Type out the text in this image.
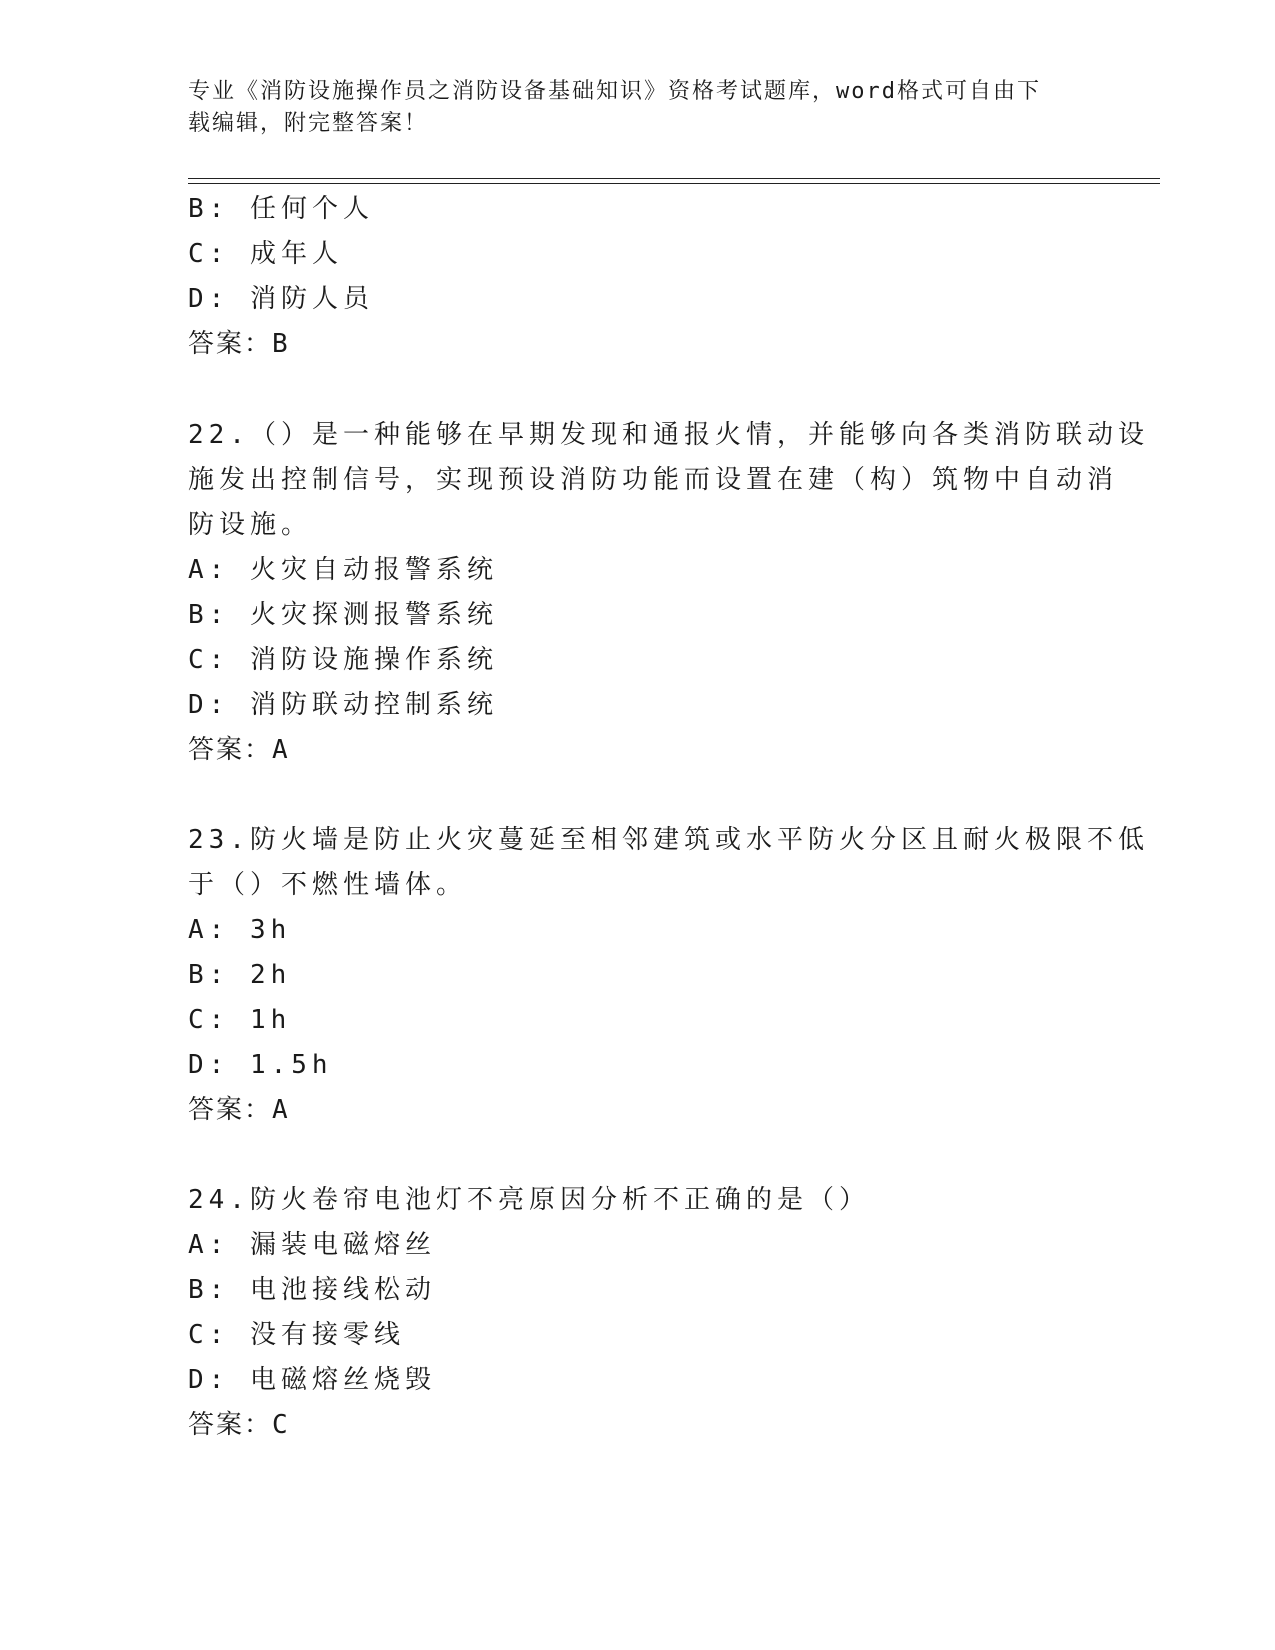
专业《消防设施操作员之消防设备基础知识》资格考试题库，word格式可自由下
载编辑，附完整答案！
B: 任何个人
C: 成年人
D: 消防人员
答案：B
22.（）是一种能够在早期发现和通报火情，并能够向各类消防联动设
施发出控制信号，实现预设消防功能而设置在建（构）筑物中自动消
防设施。
A: 火灾自动报警系统
B: 火灾探测报警系统
C: 消防设施操作系统
D: 消防联动控制系统
答案：A
23.防火墙是防止火灾蔓延至相邻建筑或水平防火分区且耐火极限不低
于（）不燃性墙体。
A: 3h
B: 2h
C: 1h
D: 1.5h
答案：A
24.防火卷帘电池灯不亮原因分析不正确的是（）
A: 漏装电磁熔丝
B: 电池接线松动
C: 没有接零线
D: 电磁熔丝烧毁
答案：C
